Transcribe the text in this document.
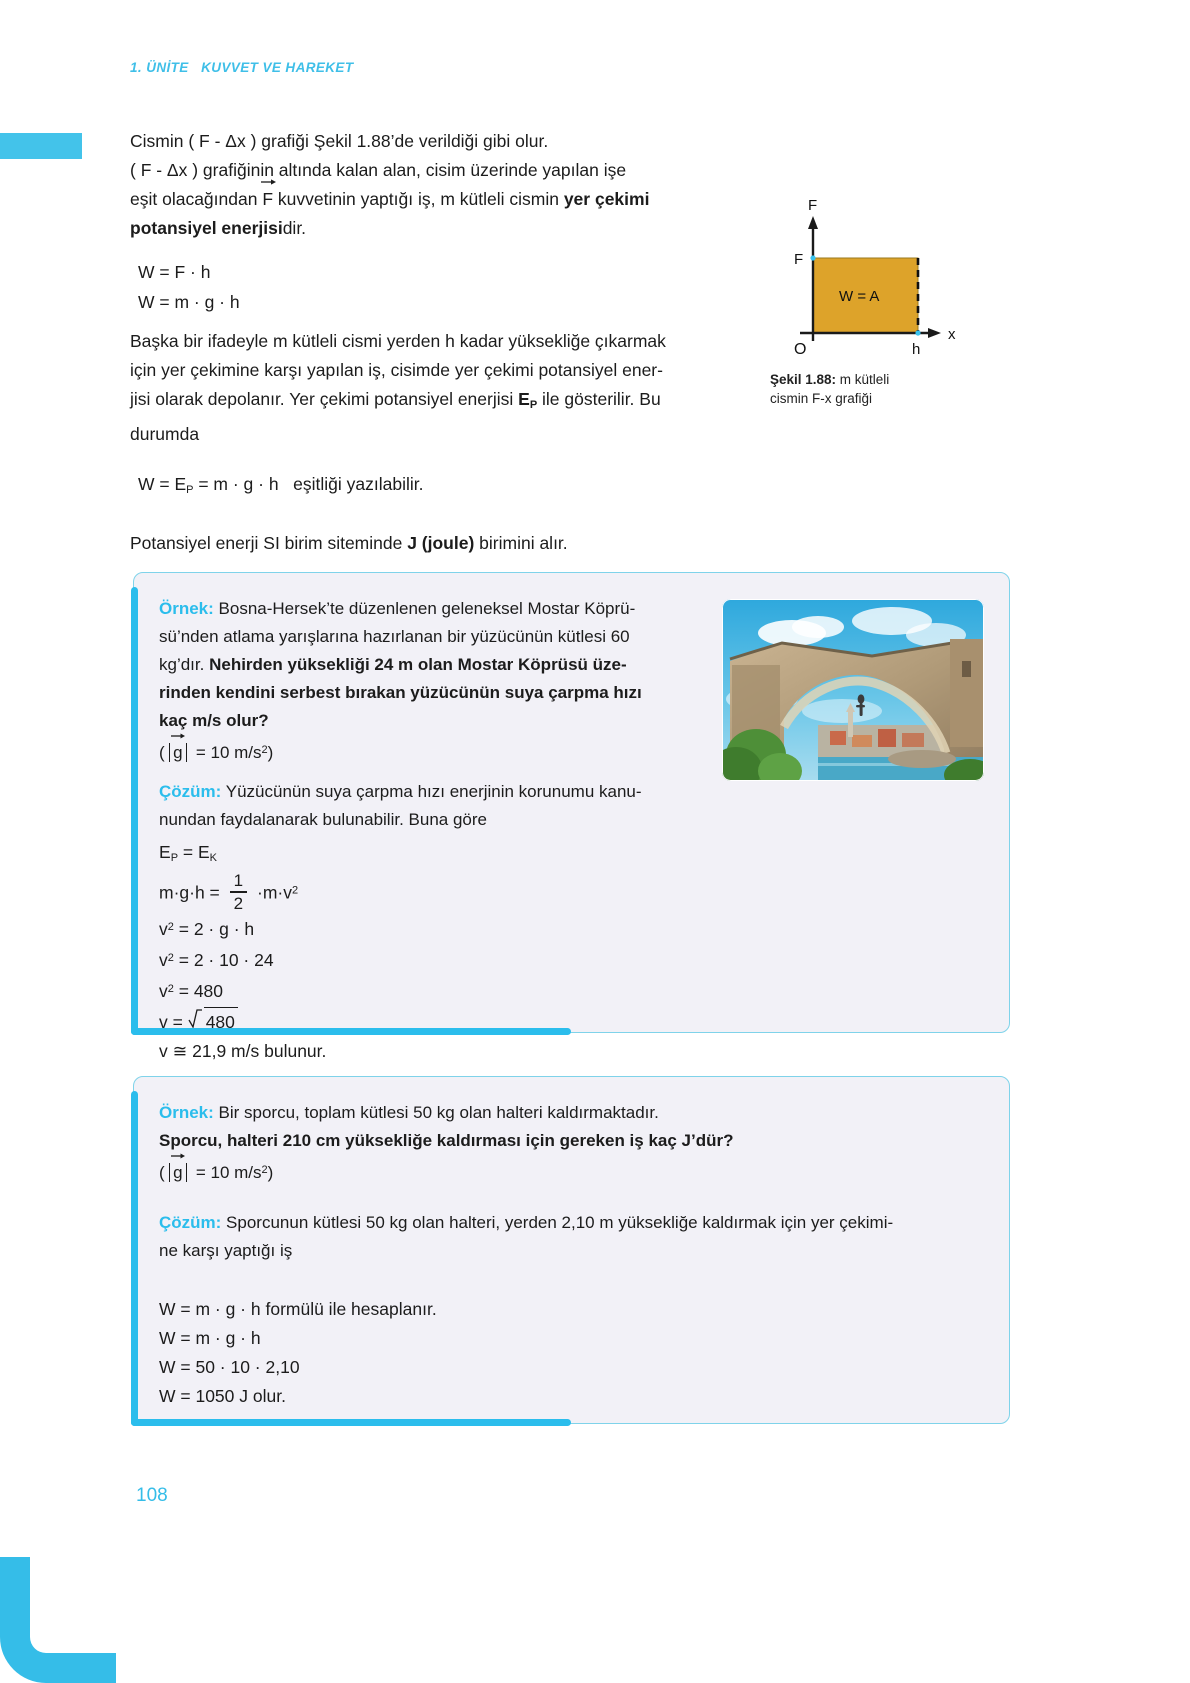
1. ÜNİTE   KUVVET VE HAREKET
Cismin ( F - Δx ) grafiği Şekil 1.88’de verildiği gibi olur.
( F - Δx ) grafiğinin altında kalan alan, cisim üzerinde yapılan işe
eşit olacağından
F kuvvetinin yaptığı iş, m kütleli cismin yer çekimi
potansiyel enerjisidir.
W = F · h
W = m · g · h
Başka bir ifadeyle m kütleli cismi yerden h kadar yüksekliğe çıkarmak
için yer çekimine karşı yapılan iş, cisimde yer çekimi potansiyel ener-
jisi olarak depolanır. Yer çekimi potansiyel enerjisi $E_P$ ile gösterilir. Bu
durumda
$W = E_P = m \cdot g \cdot h$ eşitliği yazılabilir.
Potansiyel enerji SI birim siteminde J (joule) birimini alır.
F
x
F
O	h
W = A
Şekil 1.88: m kütleli
cismin F-x grafiği
Örnek: Bosna-Hersek’te düzenlenen geleneksel Mostar Köprü-
sü’nden atlama yarışlarına hazırlanan bir yüzücünün kütlesi 60
kg’dır. Nehirden yüksekliği 24 m olan Mostar Köprüsü üze-
rinden kendini serbest bırakan yüzücünün suya çarpma hızı
kaç m/s olur?
( g = 10 $m/s^2$)
Çözüm: Yüzücünün suya çarpma hızı enerjinin korunumu kanu-
nundan faydalanarak bulunabilir. Buna göre
$E_P = E_K$
$m\cdot g\cdot h = \frac{1}{2} \cdot m\cdot v^2$
$v^2 = 2 \cdot g \cdot h$
$v^2 = 2 \cdot 10 \cdot 24$
$v^2 = 480$
v =
480
v ≅ 21,9 m/s bulunur.
Örnek: Bir sporcu, toplam kütlesi 50 kg olan halteri kaldırmaktadır.
Sporcu, halteri 210 cm yüksekliğe kaldırması için gereken iş kaç J’dür?
( g = 10 $m/s^2$)
Çözüm: Sporcunun kütlesi 50 kg olan halteri, yerden 2,10 m yüksekliğe kaldırmak için yer çekimi-
ne karşı yaptığı iş
W = m · g · h formülü ile hesaplanır.
W = m · g · h
W = 50 · 10 · 2,10
W = 1050 J olur.
108
